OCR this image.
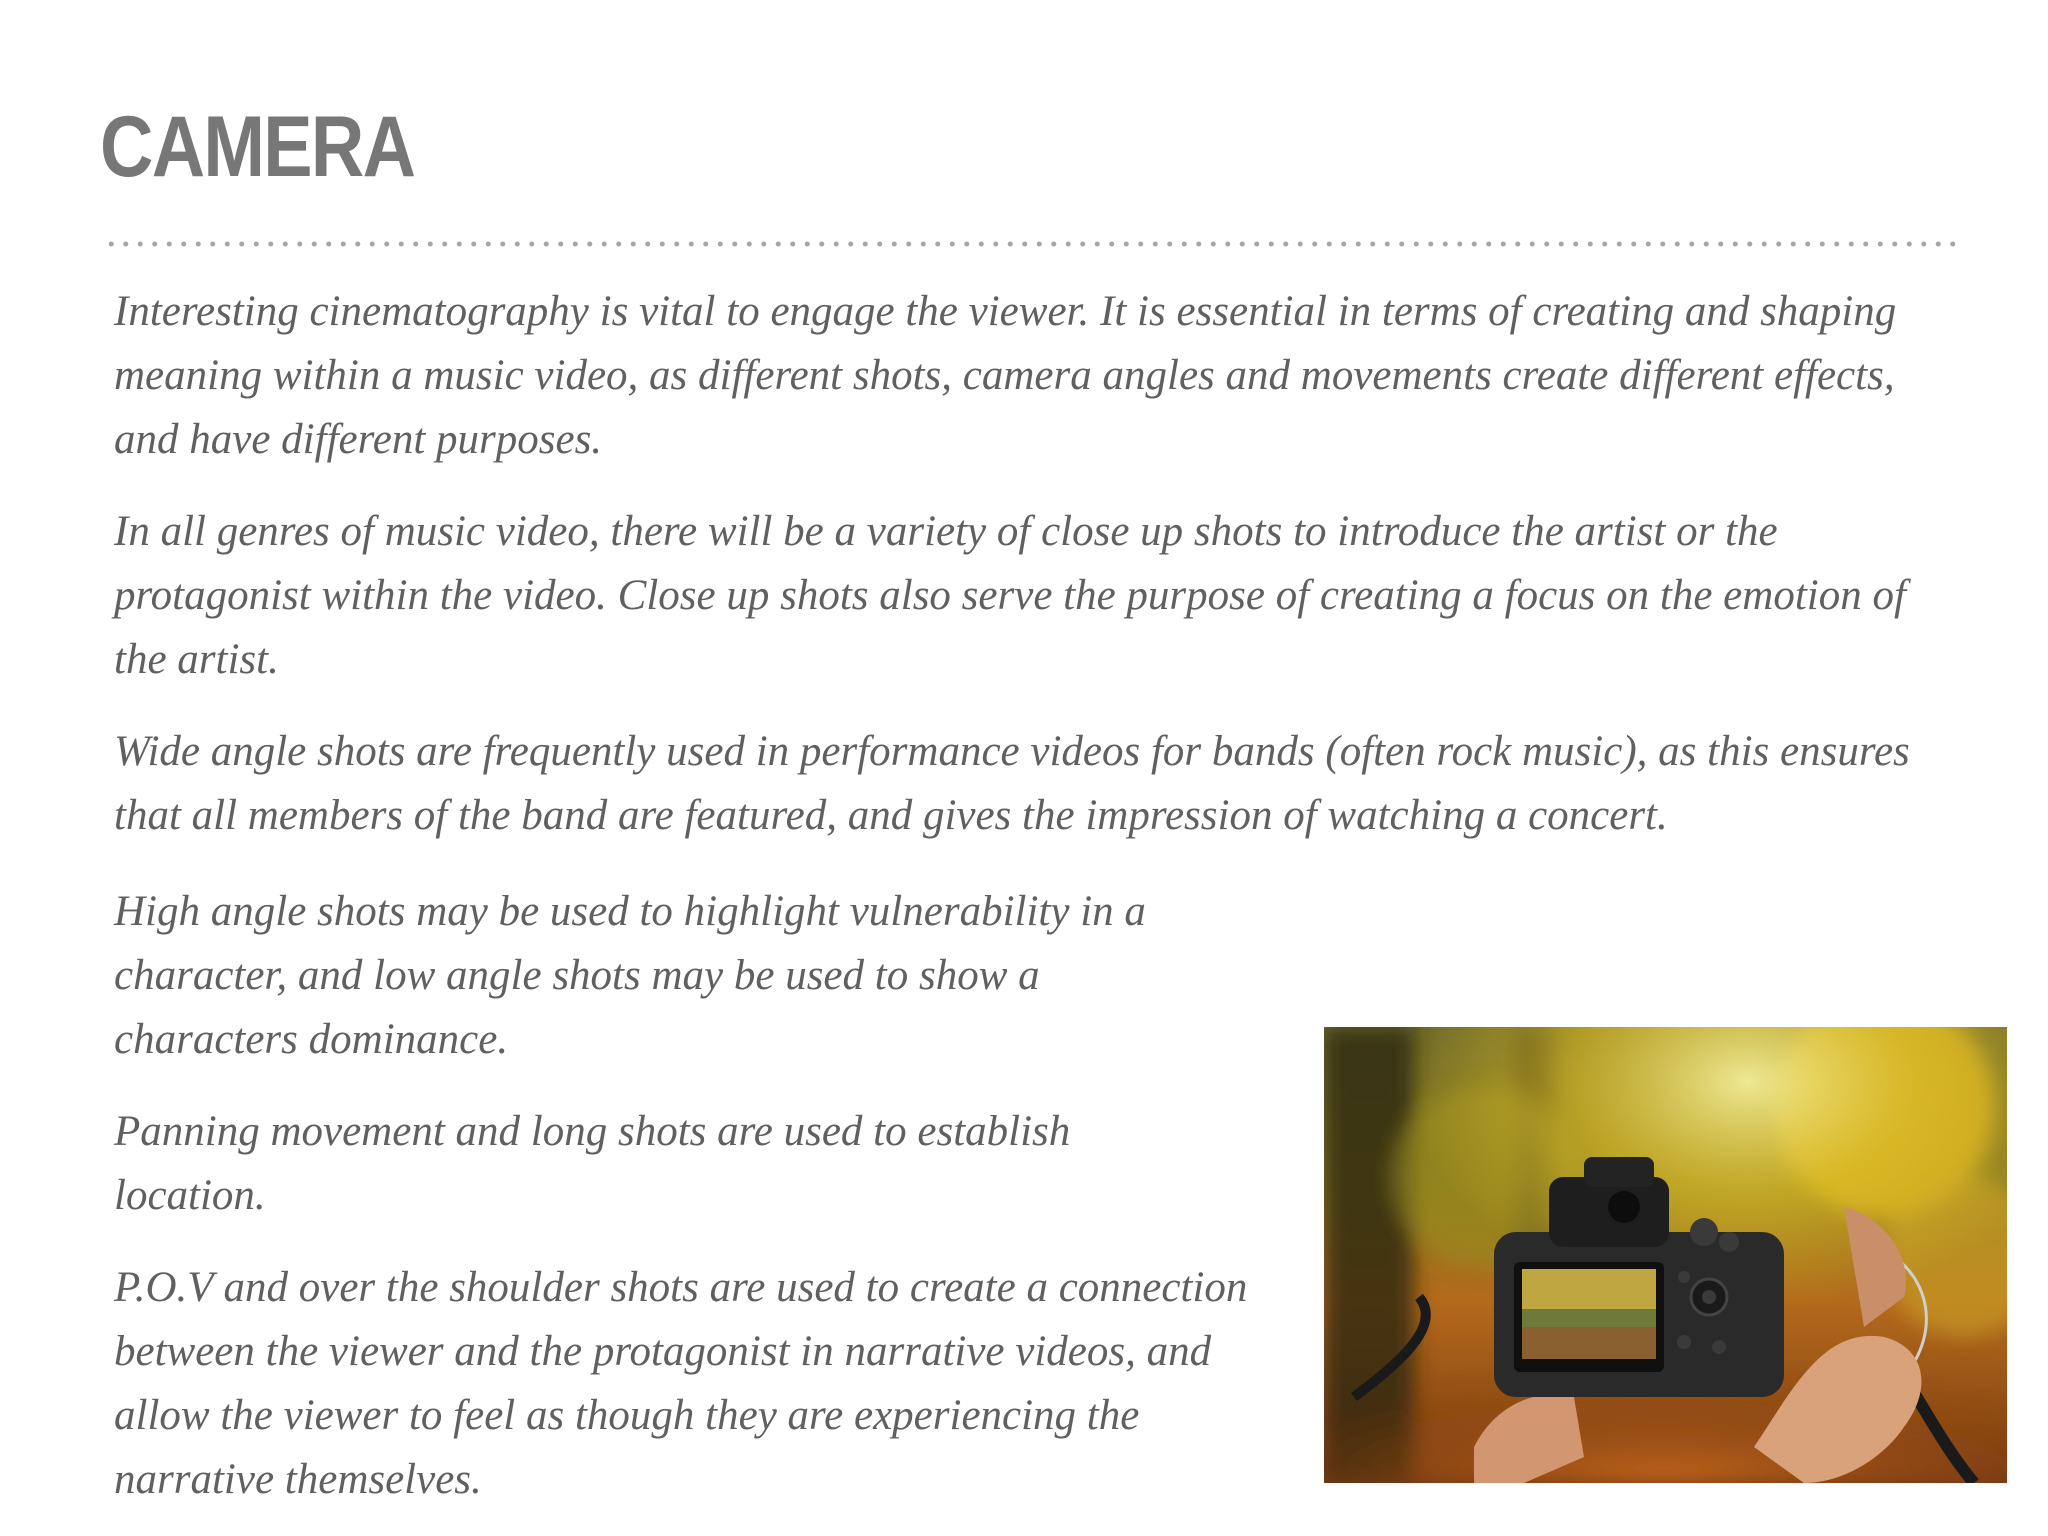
CAMERA

Interesting cinematography is vital to engage the viewer. It is essential in terms of creating and shaping meaning within a music video, as different shots, camera angles and movements create different effects, and have different purposes.

In all genres of music video, there will be a variety of close up shots to introduce the artist or the protagonist within the video. Close up shots also serve the purpose of creating a focus on the emotion of the artist.

Wide angle shots are frequently used in performance videos for bands (often rock music), as this ensures that all members of the band are featured, and gives the impression of watching a concert.

High angle shots may be used to highlight vulnerability in a character, and low angle shots may be used to show a characters dominance.

Panning movement and long shots are used to establish location.

P.O.V and over the shoulder shots are used to create a connection between the viewer and the protagonist in narrative videos, and allow the viewer to feel as though they are experiencing the narrative themselves.
